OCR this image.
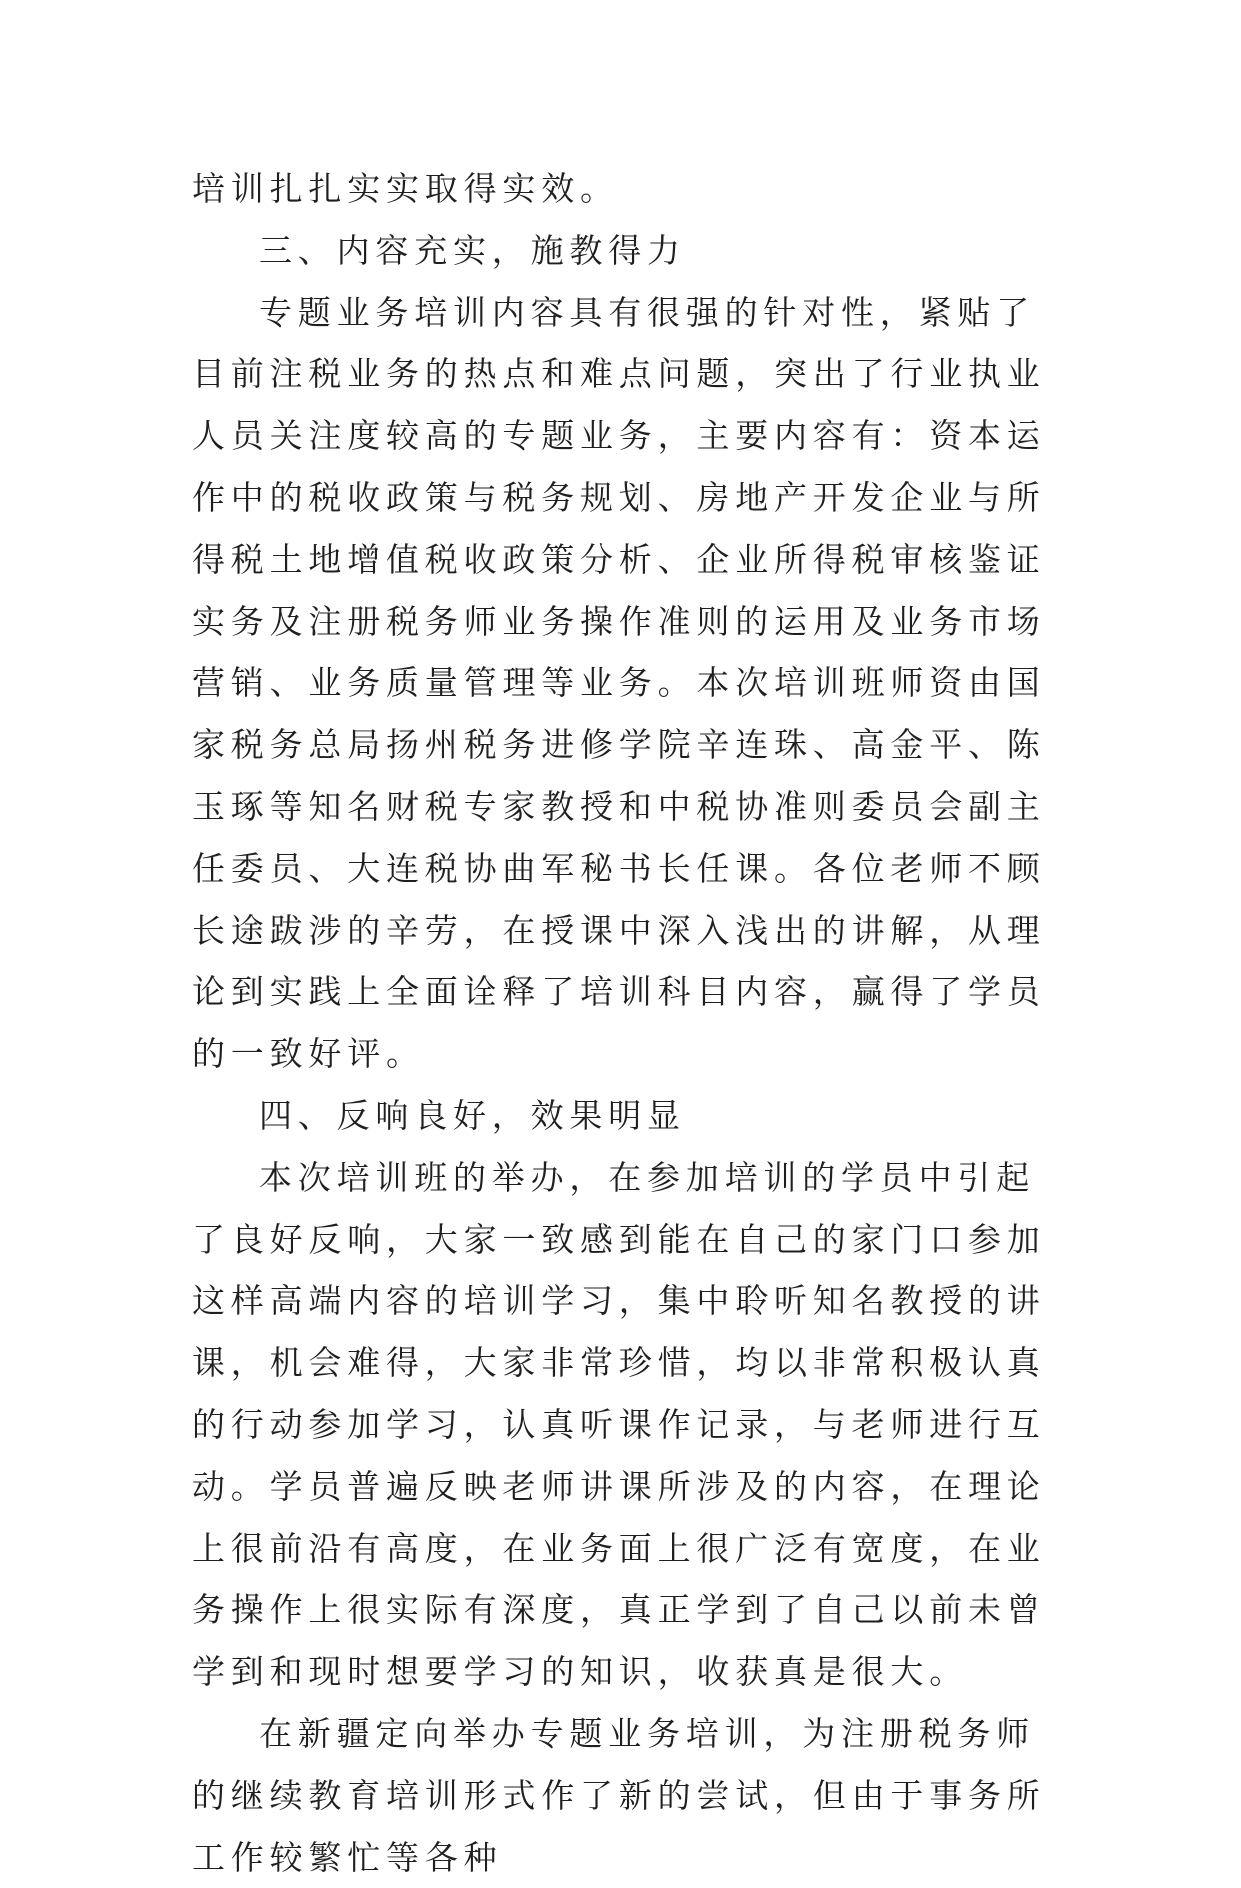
培训扎扎实实取得实效。

三、内容充实，施教得力

专题业务培训内容具有很强的针对性，紧贴了目前注税业务的热点和难点问题，突出了行业执业人员关注度较高的专题业务，主要内容有：资本运作中的税收政策与税务规划、房地产开发企业与所得税土地增值税收政策分析、企业所得税审核鉴证实务及注册税务师业务操作准则的运用及业务市场营销、业务质量管理等业务。本次培训班师资由国家税务总局扬州税务进修学院辛连珠、高金平、陈玉琢等知名财税专家教授和中税协准则委员会副主任委员、大连税协曲军秘书长任课。各位老师不顾长途跋涉的辛劳，在授课中深入浅出的讲解，从理论到实践上全面诠释了培训科目内容，赢得了学员的一致好评。

四、反响良好，效果明显

本次培训班的举办，在参加培训的学员中引起了良好反响，大家一致感到能在自己的家门口参加这样高端内容的培训学习，集中聆听知名教授的讲课，机会难得，大家非常珍惜，均以非常积极认真的行动参加学习，认真听课作记录，与老师进行互动。学员普遍反映老师讲课所涉及的内容，在理论上很前沿有高度，在业务面上很广泛有宽度，在业务操作上很实际有深度，真正学到了自己以前未曾学到和现时想要学习的知识，收获真是很大。

在新疆定向举办专题业务培训，为注册税务师的继续教育培训形式作了新的尝试，但由于事务所工作较繁忙等各种
